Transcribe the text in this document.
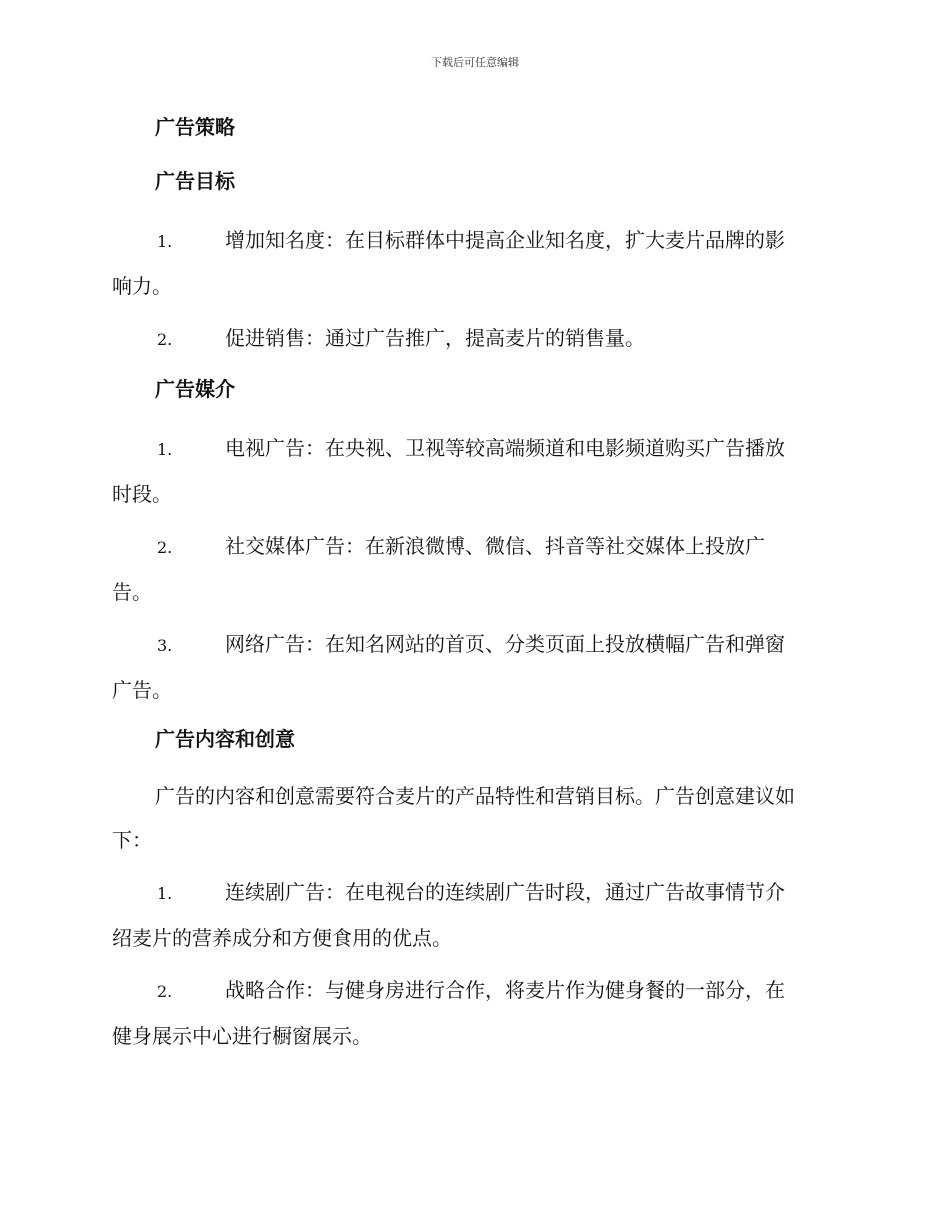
下载后可任意编辑
广告策略
广告目标
1.	增加知名度：在目标群体中提高企业知名度，扩大麦片品牌的影
响力。
2.	促进销售：通过广告推广，提高麦片的销售量。
广告媒介
1.	电视广告：在央视、卫视等较高端频道和电影频道购买广告播放
时段。
2.	社交媒体广告：在新浪微博、微信、抖音等社交媒体上投放广
告。
3.	网络广告：在知名网站的首页、分类页面上投放横幅广告和弹窗
广告。
广告内容和创意
广告的内容和创意需要符合麦片的产品特性和营销目标。广告创意建议如下：
1.	连续剧广告：在电视台的连续剧广告时段，通过广告故事情节介
绍麦片的营养成分和方便食用的优点。
2.	战略合作：与健身房进行合作，将麦片作为健身餐的一部分，在
健身展示中心进行橱窗展示。
